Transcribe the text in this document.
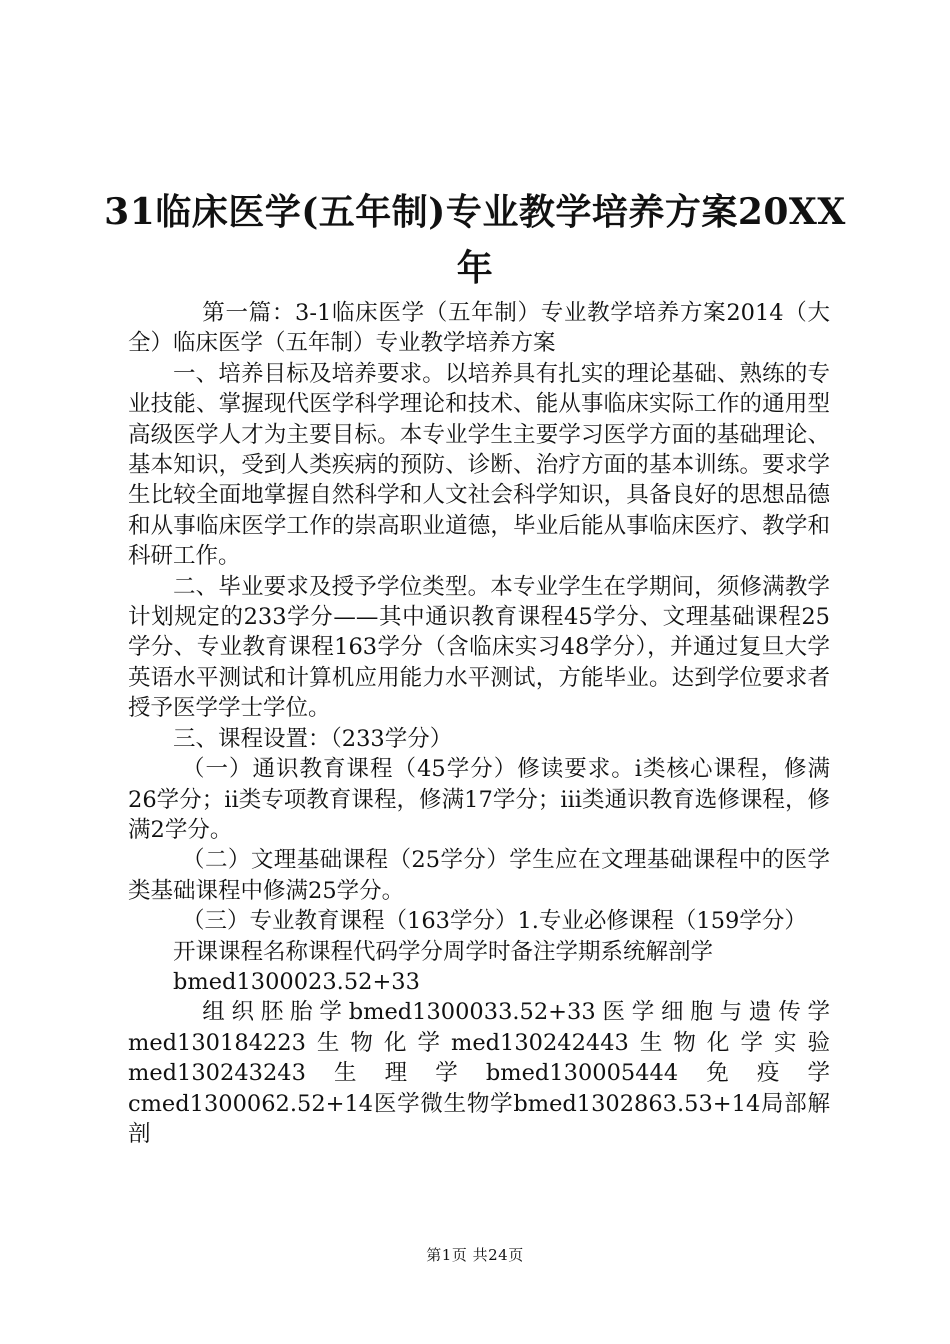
31临床医学(五年制)专业教学培养方案20XX
年

第一篇：3-1临床医学（五年制）专业教学培养方案2014（大全）临床医学（五年制）专业教学培养方案

一、培养目标及培养要求。以培养具有扎实的理论基础、熟练的专业技能、掌握现代医学科学理论和技术、能从事临床实际工作的通用型高级医学人才为主要目标。本专业学生主要学习医学方面的基础理论、基本知识，受到人类疾病的预防、诊断、治疗方面的基本训练。要求学生比较全面地掌握自然科学和人文社会科学知识，具备良好的思想品德和从事临床医学工作的崇高职业道德，毕业后能从事临床医疗、教学和科研工作。

二、毕业要求及授予学位类型。本专业学生在学期间，须修满教学计划规定的233学分——其中通识教育课程45学分、文理基础课程25学分、专业教育课程163学分（含临床实习48学分），并通过复旦大学英语水平测试和计算机应用能力水平测试，方能毕业。达到学位要求者授予医学学士学位。

三、课程设置：（233学分）

（一）通识教育课程（45学分）修读要求。i类核心课程，修满26学分；ii类专项教育课程，修满17学分；iii类通识教育选修课程，修满2学分。

（二）文理基础课程（25学分）学生应在文理基础课程中的医学类基础课程中修满25学分。

（三）专业教育课程（163学分）1.专业必修课程（159学分）

开课课程名称课程代码学分周学时备注学期系统解剖学

bmed1300023.52+33

组织胚胎学bmed1300033.52+33医学细胞与遗传学med130184223生物化学med130242443生物化学实验med130243243生理学bmed130005444免疫学cmed1300062.52+14医学微生物学bmed1302863.53+14局部解剖

第1页 共24页
